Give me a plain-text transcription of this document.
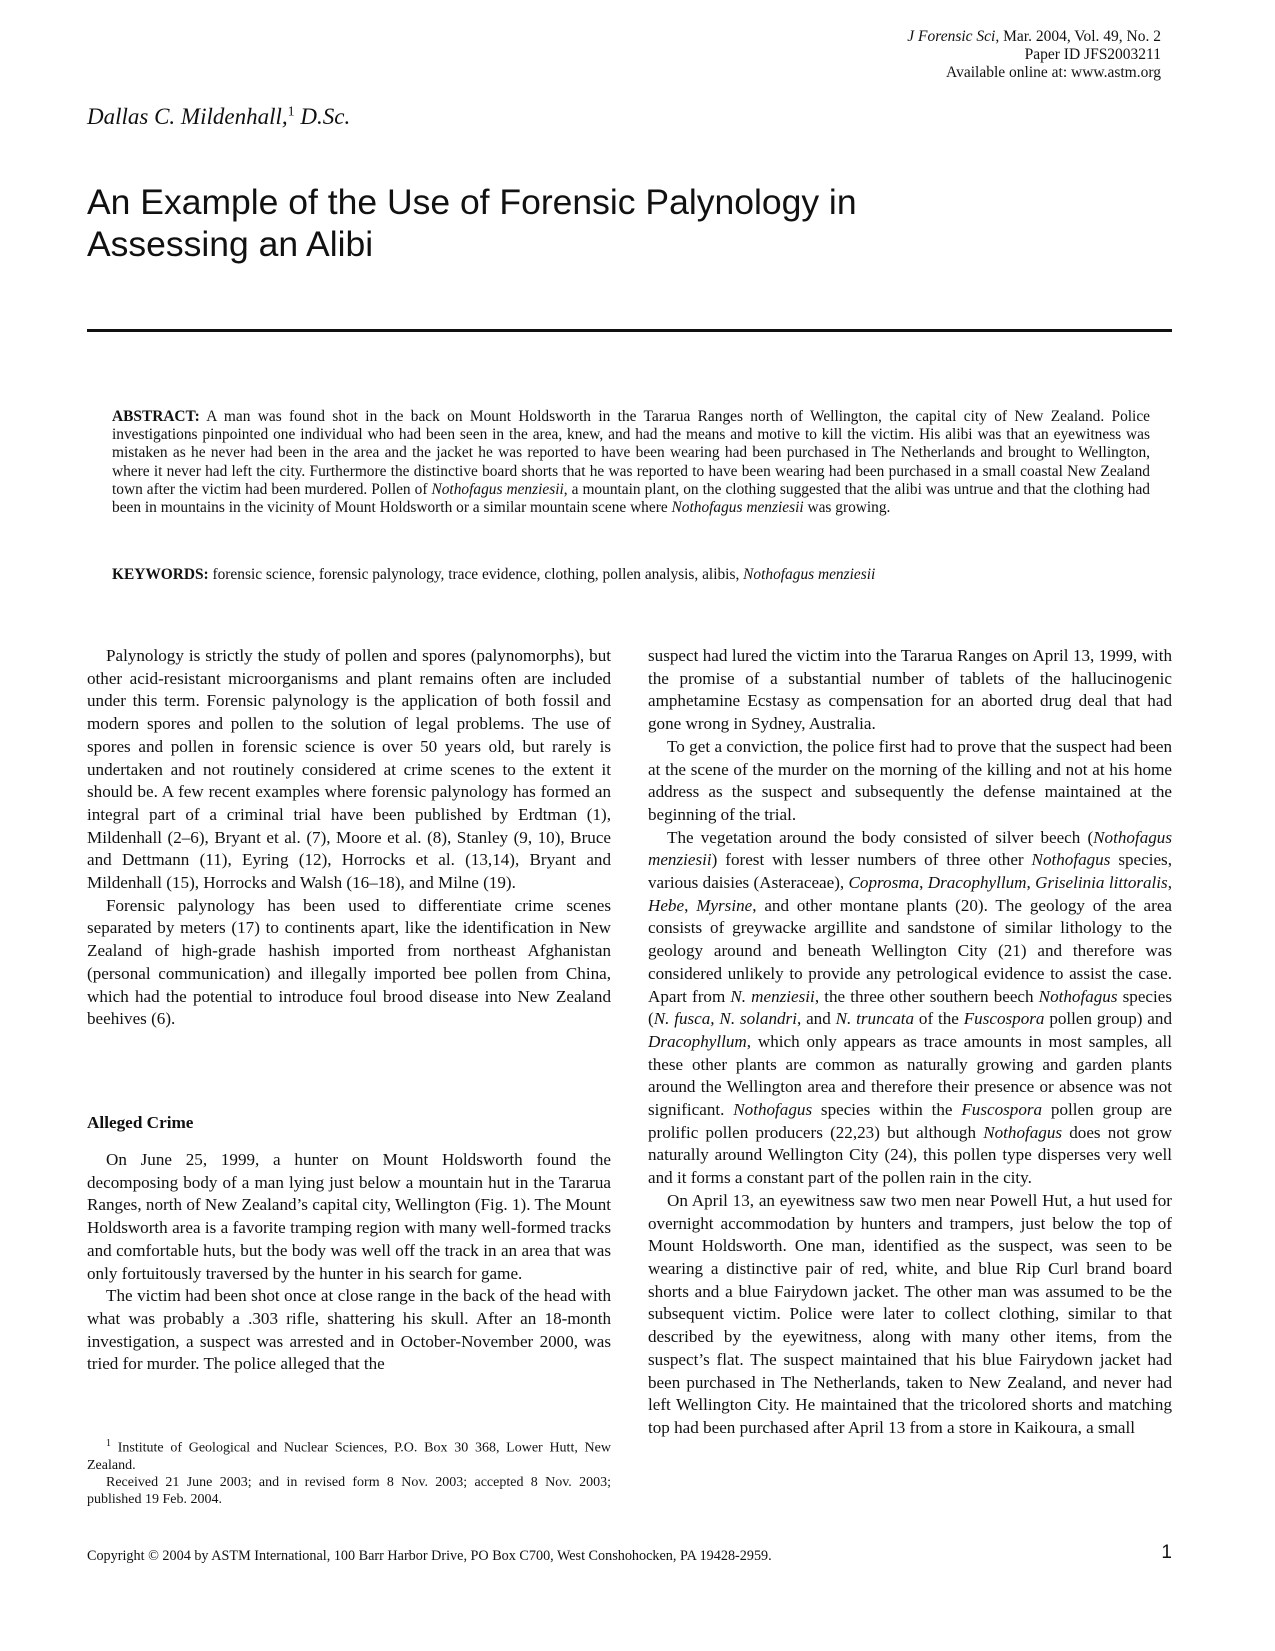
J Forensic Sci, Mar. 2004, Vol. 49, No. 2
Paper ID JFS2003211
Available online at: www.astm.org
Dallas C. Mildenhall,$^1$ D.Sc.
An Example of the Use of Forensic Palynology in
Assessing an Alibi

ABSTRACT: A man was found shot in the back on Mount Holdsworth in the Tararua Ranges north of Wellington, the capital city of New Zealand. Police investigations pinpointed one individual who had been seen in the area, knew, and had the means and motive to kill the victim. His alibi was that an eyewitness was mistaken as he never had been in the area and the jacket he was reported to have been wearing had been purchased in The Netherlands and brought to Wellington, where it never had left the city. Furthermore the distinctive board shorts that he was reported to have been wearing had been purchased in a small coastal New Zealand town after the victim had been murdered. Pollen of Nothofagus menziesii, a mountain plant, on the clothing suggested that the alibi was untrue and that the clothing had been in mountains in the vicinity of Mount Holdsworth or a similar mountain scene where Nothofagus menziesii was growing.

KEYWORDS: forensic science, forensic palynology, trace evidence, clothing, pollen analysis, alibis, Nothofagus menziesii

Palynology is strictly the study of pollen and spores (palynomorphs), but other acid-resistant microorganisms and plant remains often are included under this term. Forensic palynology is the application of both fossil and modern spores and pollen to the solution of legal problems. The use of spores and pollen in forensic science is over 50 years old, but rarely is undertaken and not routinely considered at crime scenes to the extent it should be. A few recent examples where forensic palynology has formed an integral part of a criminal trial have been published by Erdtman (1), Mildenhall (2–6), Bryant et al. (7), Moore et al. (8), Stanley (9, 10), Bruce and Dettmann (11), Eyring (12), Horrocks et al. (13,14), Bryant and Mildenhall (15), Horrocks and Walsh (16–18), and Milne (19).

Forensic palynology has been used to differentiate crime scenes separated by meters (17) to continents apart, like the identification in New Zealand of high-grade hashish imported from northeast Afghanistan (personal communication) and illegally imported bee pollen from China, which had the potential to introduce foul brood disease into New Zealand beehives (6).

Alleged Crime

On June 25, 1999, a hunter on Mount Holdsworth found the decomposing body of a man lying just below a mountain hut in the Tararua Ranges, north of New Zealand’s capital city, Wellington (Fig. 1). The Mount Holdsworth area is a favorite tramping region with many well-formed tracks and comfortable huts, but the body was well off the track in an area that was only fortuitously traversed by the hunter in his search for game.

The victim had been shot once at close range in the back of the head with what was probably a .303 rifle, shattering his skull. After an 18-month investigation, a suspect was arrested and in October-November 2000, was tried for murder. The police alleged that the

$^1$ Institute of Geological and Nuclear Sciences, P.O. Box 30 368, Lower Hutt, New Zealand.

Received 21 June 2003; and in revised form 8 Nov. 2003; accepted 8 Nov. 2003; published 19 Feb. 2004.

suspect had lured the victim into the Tararua Ranges on April 13, 1999, with the promise of a substantial number of tablets of the hallucinogenic amphetamine Ecstasy as compensation for an aborted drug deal that had gone wrong in Sydney, Australia.

To get a conviction, the police first had to prove that the suspect had been at the scene of the murder on the morning of the killing and not at his home address as the suspect and subsequently the defense maintained at the beginning of the trial.

The vegetation around the body consisted of silver beech (Nothofagus menziesii) forest with lesser numbers of three other Nothofagus species, various daisies (Asteraceae), Coprosma, Dracophyllum, Griselinia littoralis, Hebe, Myrsine, and other montane plants (20). The geology of the area consists of greywacke argillite and sandstone of similar lithology to the geology around and beneath Wellington City (21) and therefore was considered unlikely to provide any petrological evidence to assist the case. Apart from N. menziesii, the three other southern beech Nothofagus species (N. fusca, N. solandri, and N. truncata of the Fuscospora pollen group) and Dracophyllum, which only appears as trace amounts in most samples, all these other plants are common as naturally growing and garden plants around the Wellington area and therefore their presence or absence was not significant. Nothofagus species within the Fuscospora pollen group are prolific pollen producers (22,23) but although Nothofagus does not grow naturally around Wellington City (24), this pollen type disperses very well and it forms a constant part of the pollen rain in the city.

On April 13, an eyewitness saw two men near Powell Hut, a hut used for overnight accommodation by hunters and trampers, just below the top of Mount Holdsworth. One man, identified as the suspect, was seen to be wearing a distinctive pair of red, white, and blue Rip Curl brand board shorts and a blue Fairydown jacket. The other man was assumed to be the subsequent victim. Police were later to collect clothing, similar to that described by the eyewitness, along with many other items, from the suspect’s flat. The suspect maintained that his blue Fairydown jacket had been purchased in The Netherlands, taken to New Zealand, and never had left Wellington City. He maintained that the tricolored shorts and matching top had been purchased after April 13 from a store in Kaikoura, a small

Copyright © 2004 by ASTM International, 100 Barr Harbor Drive, PO Box C700, West Conshohocken, PA 19428-2959.	1
